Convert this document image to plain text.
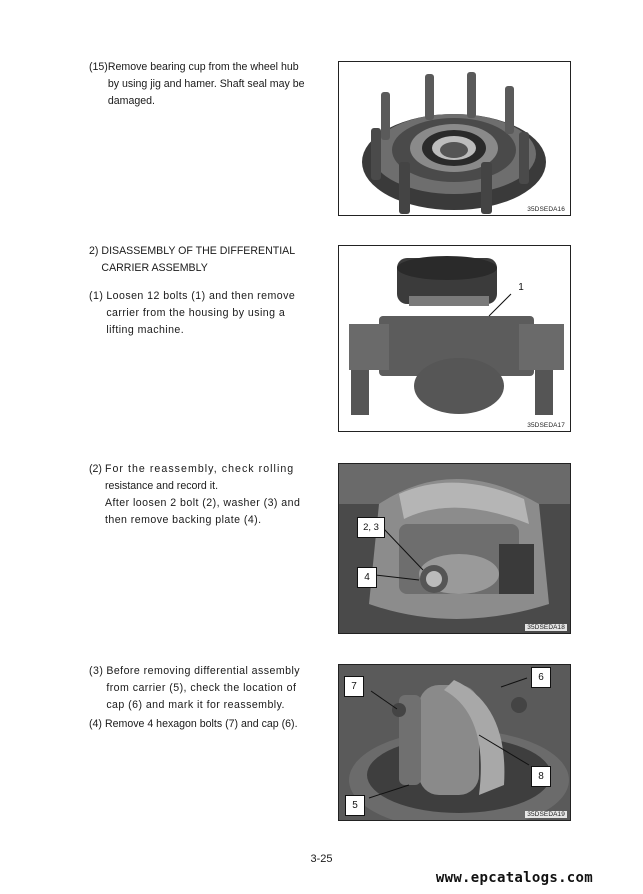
(15) Remove bearing cup from the wheel hub by using jig and hamer. Shaft seal may be damaged.
35DSEDA16
2) DISASSEMBLY OF THE DIFFERENTIAL
CARRIER ASSEMBLY
(1) Loosen 12 bolts (1) and then remove carrier from the housing by using a lifting machine.
1
35DSEDA17
(2) For the reassembly, check rolling
resistance and record it.
After loosen 2 bolt (2), washer (3) and then remove backing plate (4).
2, 3
4
35DSEDA18
(3) Before removing differential assembly from carrier (5), check the location of cap (6) and mark it for reassembly.
(4) Remove 4 hexagon bolts (7) and cap (6).
7
6
8
5
35DSEDA19
3-25
www.epcatalogs.com
